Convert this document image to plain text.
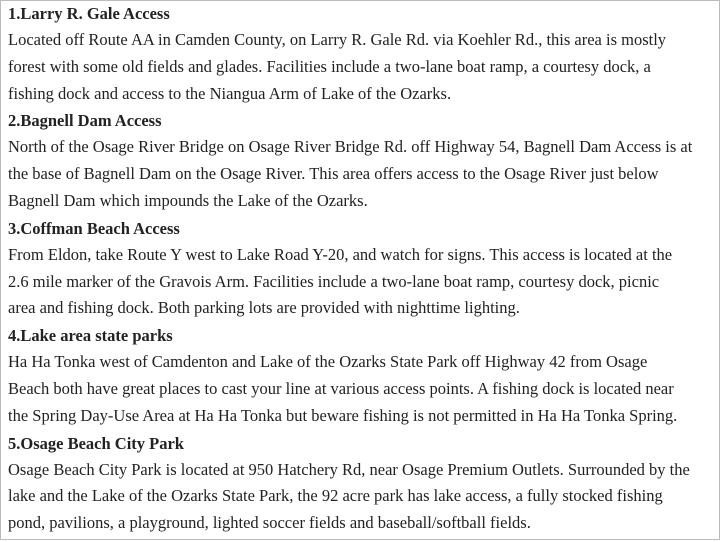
1.Larry R. Gale Access

Located off Route AA in Camden County, on Larry R. Gale Rd. via Koehler Rd., this area is mostly
forest with some old fields and glades. Facilities include a two-lane boat ramp, a courtesy dock, a
fishing dock and access to the Niangua Arm of Lake of the Ozarks.

2.Bagnell Dam Access

North of the Osage River Bridge on Osage River Bridge Rd. off Highway 54, Bagnell Dam Access is at
the base of Bagnell Dam on the Osage River. This area offers access to the Osage River just below
Bagnell Dam which impounds the Lake of the Ozarks.

3.Coffman Beach Access

From Eldon, take Route Y west to Lake Road Y-20, and watch for signs. This access is located at the
2.6 mile marker of the Gravois Arm. Facilities include a two-lane boat ramp, courtesy dock, picnic
area and fishing dock. Both parking lots are provided with nighttime lighting.

4.Lake area state parks

Ha Ha Tonka west of Camdenton and Lake of the Ozarks State Park off Highway 42 from Osage
Beach both have great places to cast your line at various access points. A fishing dock is located near
the Spring Day-Use Area at Ha Ha Tonka but beware fishing is not permitted in Ha Ha Tonka Spring.

5.Osage Beach City Park

Osage Beach City Park is located at 950 Hatchery Rd, near Osage Premium Outlets. Surrounded by the
lake and the Lake of the Ozarks State Park, the 92 acre park has lake access, a fully stocked fishing
pond, pavilions, a playground, lighted soccer fields and baseball/softball fields.
